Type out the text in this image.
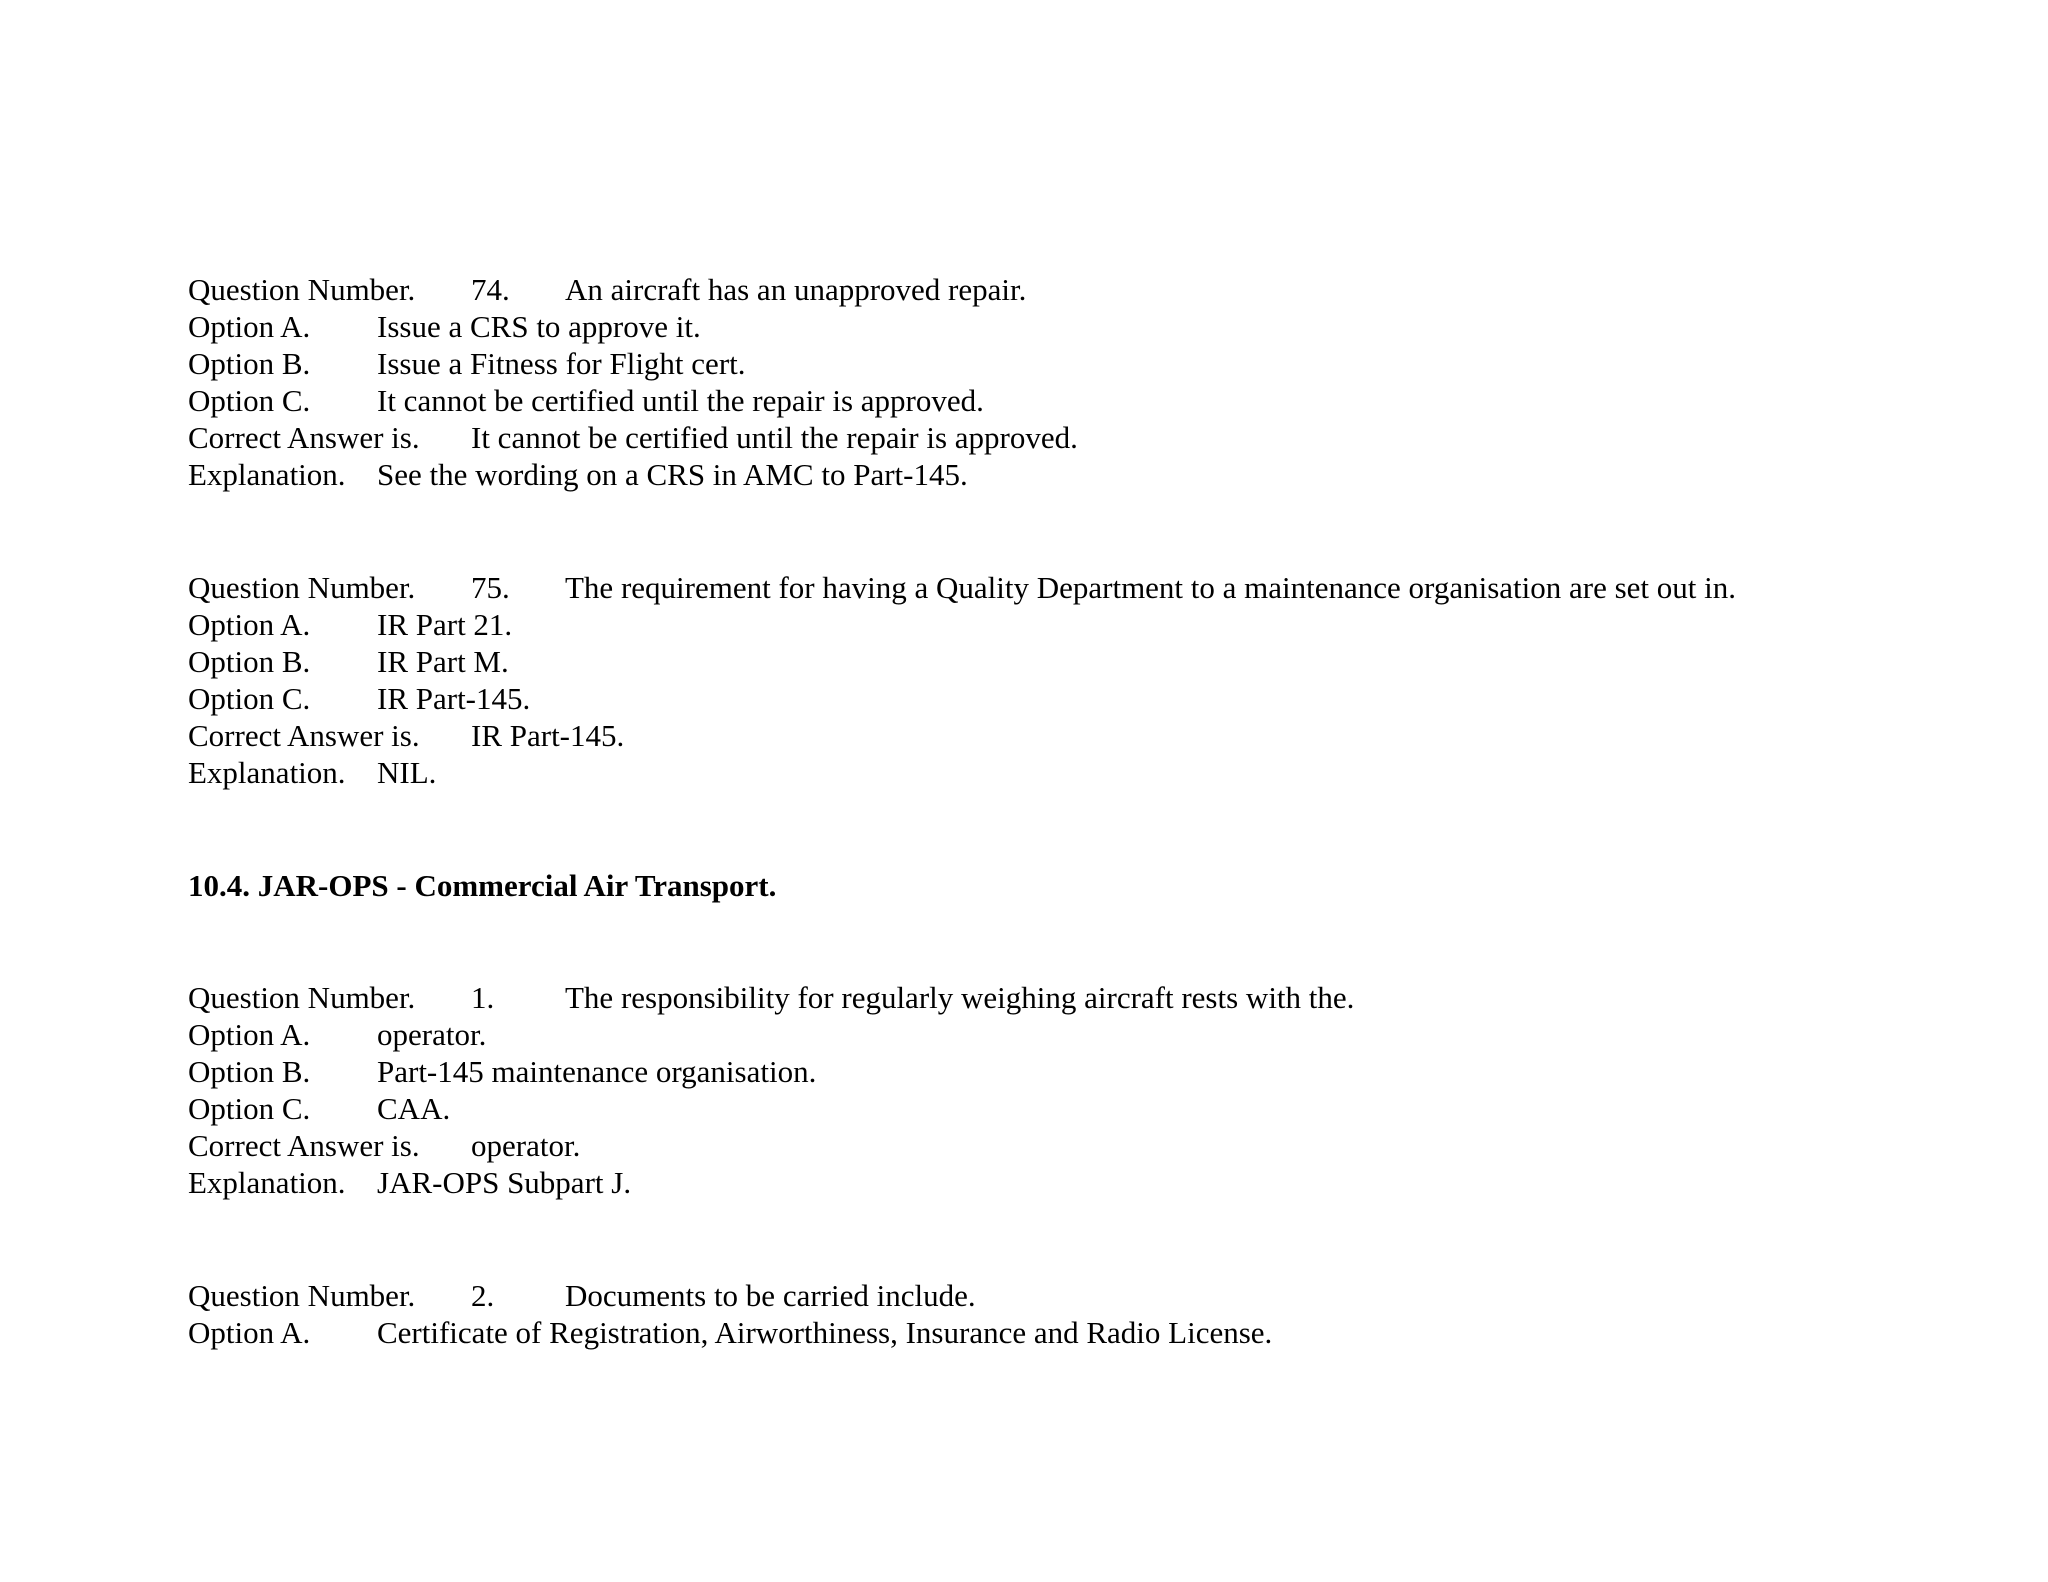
Question Number. 74. An aircraft has an unapproved repair.
Option A. Issue a CRS to approve it.
Option B. Issue a Fitness for Flight cert.
Option C. It cannot be certified until the repair is approved.
Correct Answer is. It cannot be certified until the repair is approved.
Explanation. See the wording on a CRS in AMC to Part-145.
Question Number. 75. The requirement for having a Quality Department to a maintenance organisation are set out in.
Option A. IR Part 21.
Option B. IR Part M.
Option C. IR Part-145.
Correct Answer is. IR Part-145.
Explanation. NIL.
10.4. JAR-OPS - Commercial Air Transport.
Question Number. 1. The responsibility for regularly weighing aircraft rests with the.
Option A. operator.
Option B. Part-145 maintenance organisation.
Option C. CAA.
Correct Answer is. operator.
Explanation. JAR-OPS Subpart J.
Question Number. 2. Documents to be carried include.
Option A. Certificate of Registration, Airworthiness, Insurance and Radio License.
